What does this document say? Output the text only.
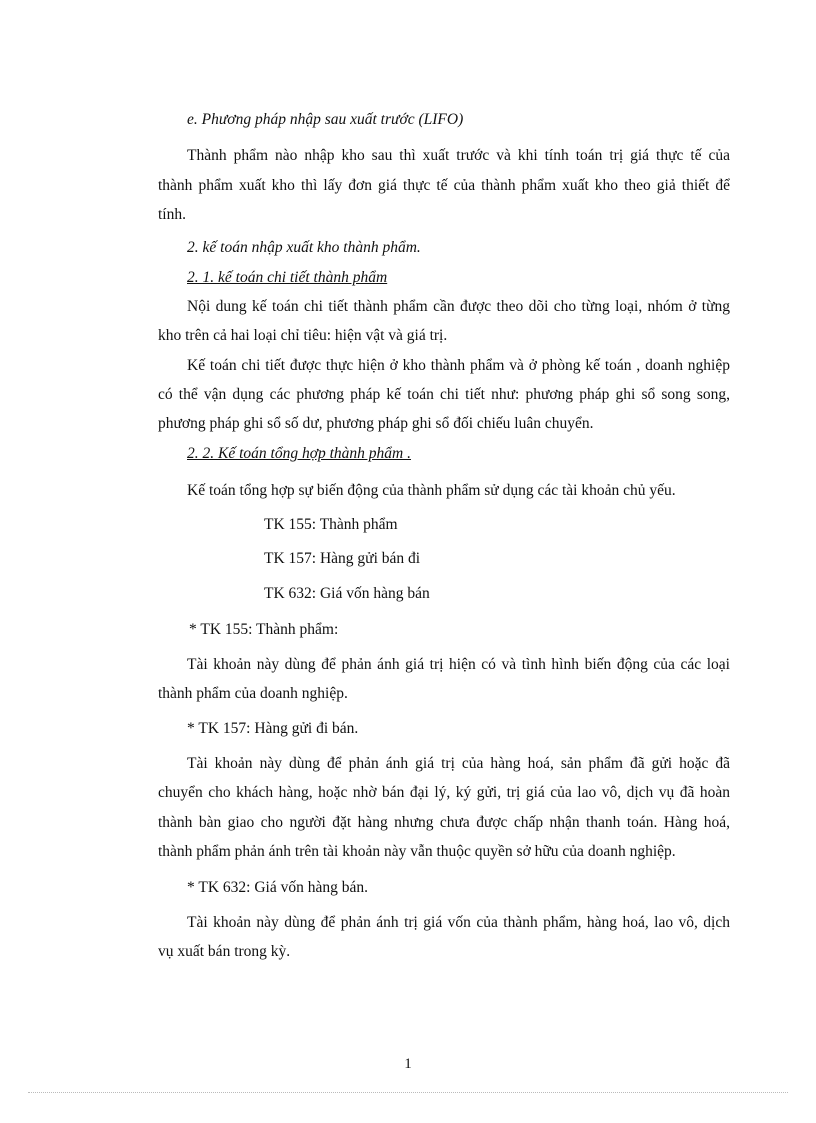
e. Phương pháp nhập sau xuất trước (LIFO)
Thành phẩm nào nhập kho sau thì xuất trước và khi tính toán trị giá thực tế của
thành phẩm xuất kho thì lấy đơn giá thực tế của thành phẩm xuất kho theo giả thiết để
tính.
2. kế toán nhập xuất kho thành phẩm.
2. 1. kế toán chi tiết thành phẩm
Nội dung kế toán chi tiết thành phẩm cần được theo dõi cho từng loại, nhóm ở từng
kho trên cả hai loại chỉ tiêu: hiện vật và giá trị.
Kế toán chi tiết được thực hiện ở kho thành phẩm và ở phòng kế toán , doanh nghiệp
có thể vận dụng các phương pháp kế toán chi tiết như: phương pháp ghi sổ song song,
phương pháp ghi sổ số dư, phương pháp ghi sổ đối chiếu luân chuyển.
2. 2. Kế toán tổng hợp thành phẩm .
Kế toán tổng hợp sự biến động của thành phẩm sử dụng các tài khoản chủ yếu.
TK 155: Thành phẩm
TK 157: Hàng gửi bán đi
TK 632: Giá vốn hàng bán
* TK 155: Thành phẩm:
Tài khoản này dùng để phản ánh giá trị hiện có và tình hình biến động của các loại
thành phẩm của doanh nghiệp.
* TK 157: Hàng gửi đi bán.
Tài khoản này dùng để phản ánh giá trị của hàng hoá, sản phẩm đã gửi hoặc đã
chuyển cho khách hàng, hoặc nhờ bán đại lý, ký gửi, trị giá của lao vô, dịch vụ đã hoàn
thành bàn giao cho người đặt hàng nhưng chưa được chấp nhận thanh toán. Hàng hoá,
thành phẩm phản ánh trên tài khoản này vẫn thuộc quyền sở hữu của doanh nghiệp.
* TK 632: Giá vốn hàng bán.
Tài khoản này dùng để phản ánh trị giá vốn của thành phẩm, hàng hoá, lao vô, dịch
vụ xuất bán trong kỳ.
1
